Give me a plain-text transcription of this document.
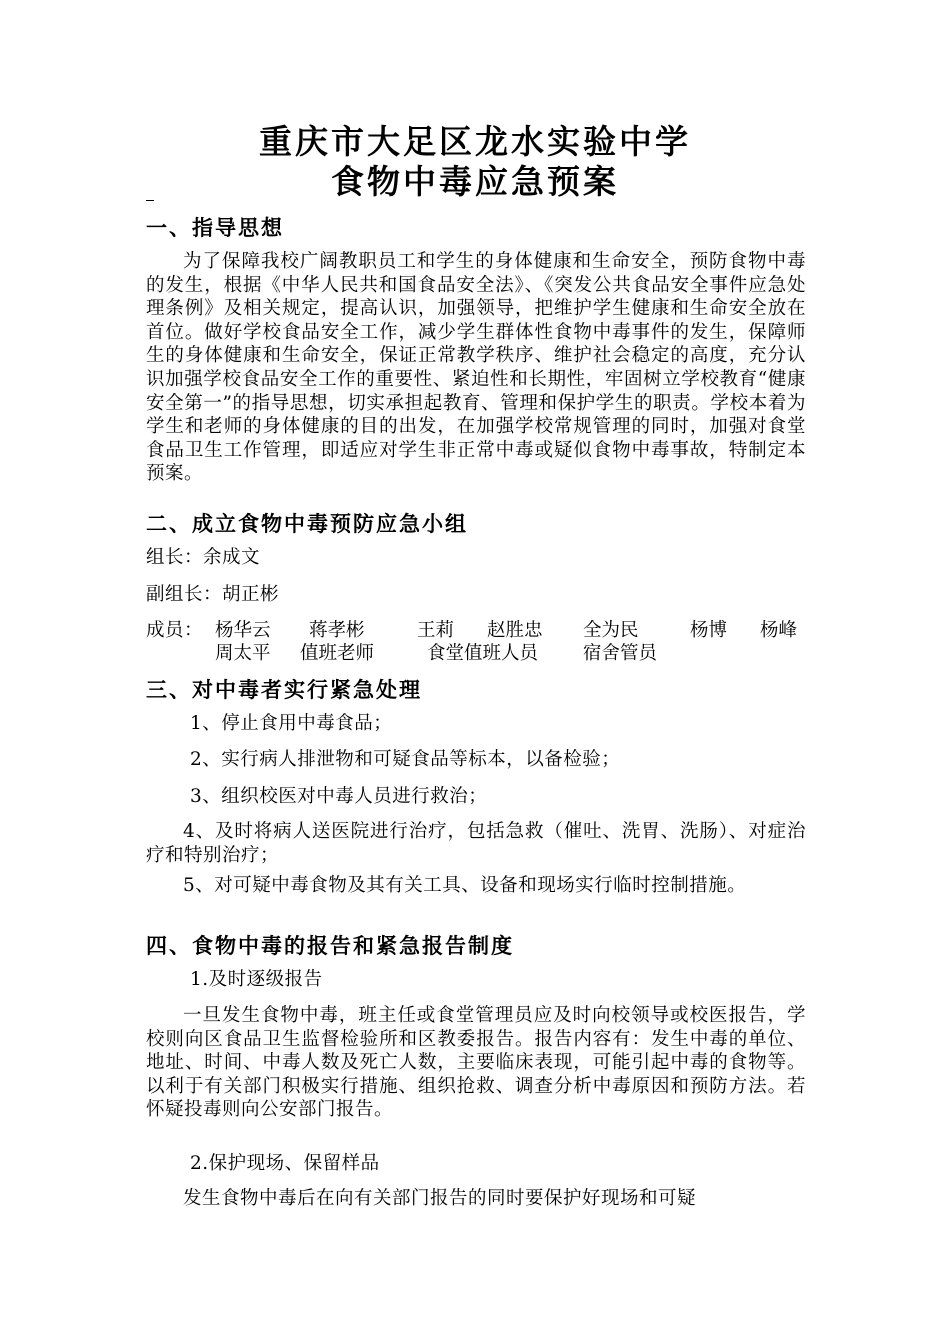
重庆市大足区龙水实验中学
食物中毒应急预案
一、指导思想
为了保障我校广阔教职员工和学生的身体健康和生命安全，预防食物中毒的发生，根据《中华人民共和国食品安全法》、《突发公共食品安全事件应急处理条例》及相关规定，提高认识，加强领导，把维护学生健康和生命安全放在首位。做好学校食品安全工作，减少学生群体性食物中毒事件的发生，保障师生的身体健康和生命安全，保证正常教学秩序、维护社会稳定的高度，充分认识加强学校食品安全工作的重要性、紧迫性和长期性，牢固树立学校教育“健康安全第一”的指导思想，切实承担起教育、管理和保护学生的职责。学校本着为学生和老师的身体健康的目的出发，在加强学校常规管理的同时，加强对食堂食品卫生工作管理，即适应对学生非正常中毒或疑似食物中毒事故，特制定本预案。
二、成立食物中毒预防应急小组
组长：余成文
副组长：胡正彬
成员： 杨华云 蒋孝彬	王莉 赵胜忠 全为民	杨博 杨峰
周太平 值班老师	食堂值班人员 宿舍管员
三、对中毒者实行紧急处理
1、停止食用中毒食品；
2、实行病人排泄物和可疑食品等标本，以备检验；
3、组织校医对中毒人员进行救治；
4、及时将病人送医院进行治疗，包括急救（催吐、洗胃、洗肠）、对症治疗和特别治疗；
5、对可疑中毒食物及其有关工具、设备和现场实行临时控制措施。
四、食物中毒的报告和紧急报告制度
1.及时逐级报告
一旦发生食物中毒，班主任或食堂管理员应及时向校领导或校医报告，学校则向区食品卫生监督检验所和区教委报告。报告内容有：发生中毒的单位、地址、时间、中毒人数及死亡人数，主要临床表现，可能引起中毒的食物等。以利于有关部门积极实行措施、组织抢救、调查分析中毒原因和预防方法。若怀疑投毒则向公安部门报告。
2.保护现场、保留样品
发生食物中毒后在向有关部门报告的同时要保护好现场和可疑
